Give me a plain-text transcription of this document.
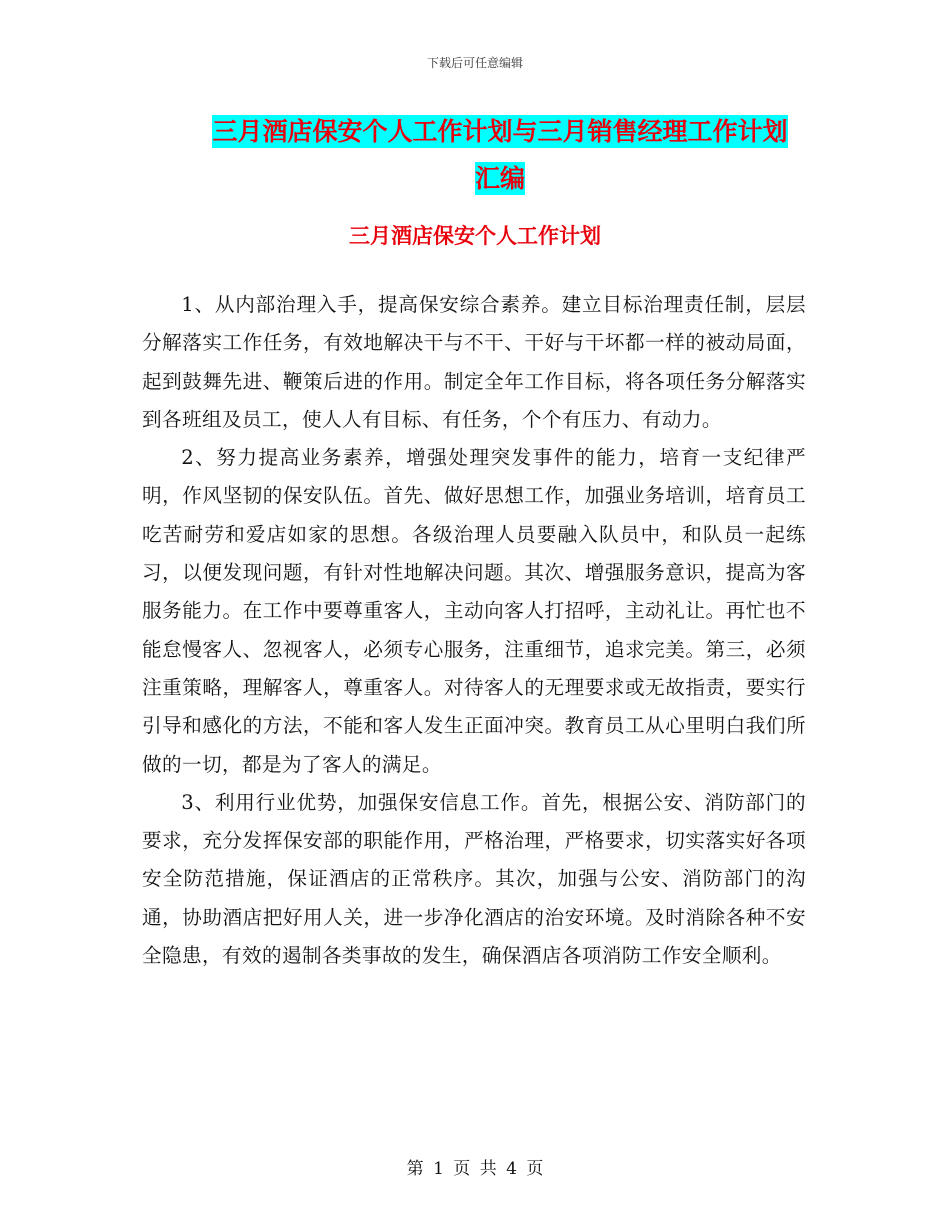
下载后可任意编辑
三月酒店保安个人工作计划与三月销售经理工作计划
汇编
三月酒店保安个人工作计划

1、从内部治理入手，提高保安综合素养。建立目标治理责任制，层层分解落实工作任务，有效地解决干与不干、干好与干坏都一样的被动局面，起到鼓舞先进、鞭策后进的作用。制定全年工作目标，将各项任务分解落实到各班组及员工，使人人有目标、有任务，个个有压力、有动力。

2、努力提高业务素养，增强处理突发事件的能力，培育一支纪律严明，作风坚韧的保安队伍。首先、做好思想工作，加强业务培训，培育员工吃苦耐劳和爱店如家的思想。各级治理人员要融入队员中，和队员一起练习，以便发现问题，有针对性地解决问题。其次、增强服务意识，提高为客服务能力。在工作中要尊重客人，主动向客人打招呼，主动礼让。再忙也不能怠慢客人、忽视客人，必须专心服务，注重细节，追求完美。第三，必须注重策略，理解客人，尊重客人。对待客人的无理要求或无故指责，要实行引导和感化的方法，不能和客人发生正面冲突。教育员工从心里明白我们所做的一切，都是为了客人的满足。

3、利用行业优势，加强保安信息工作。首先，根据公安、消防部门的要求，充分发挥保安部的职能作用，严格治理，严格要求，切实落实好各项安全防范措施，保证酒店的正常秩序。其次，加强与公安、消防部门的沟通，协助酒店把好用人关，进一步净化酒店的治安环境。及时消除各种不安全隐患，有效的遏制各类事故的发生，确保酒店各项消防工作安全顺利。

第 1 页 共 4 页
